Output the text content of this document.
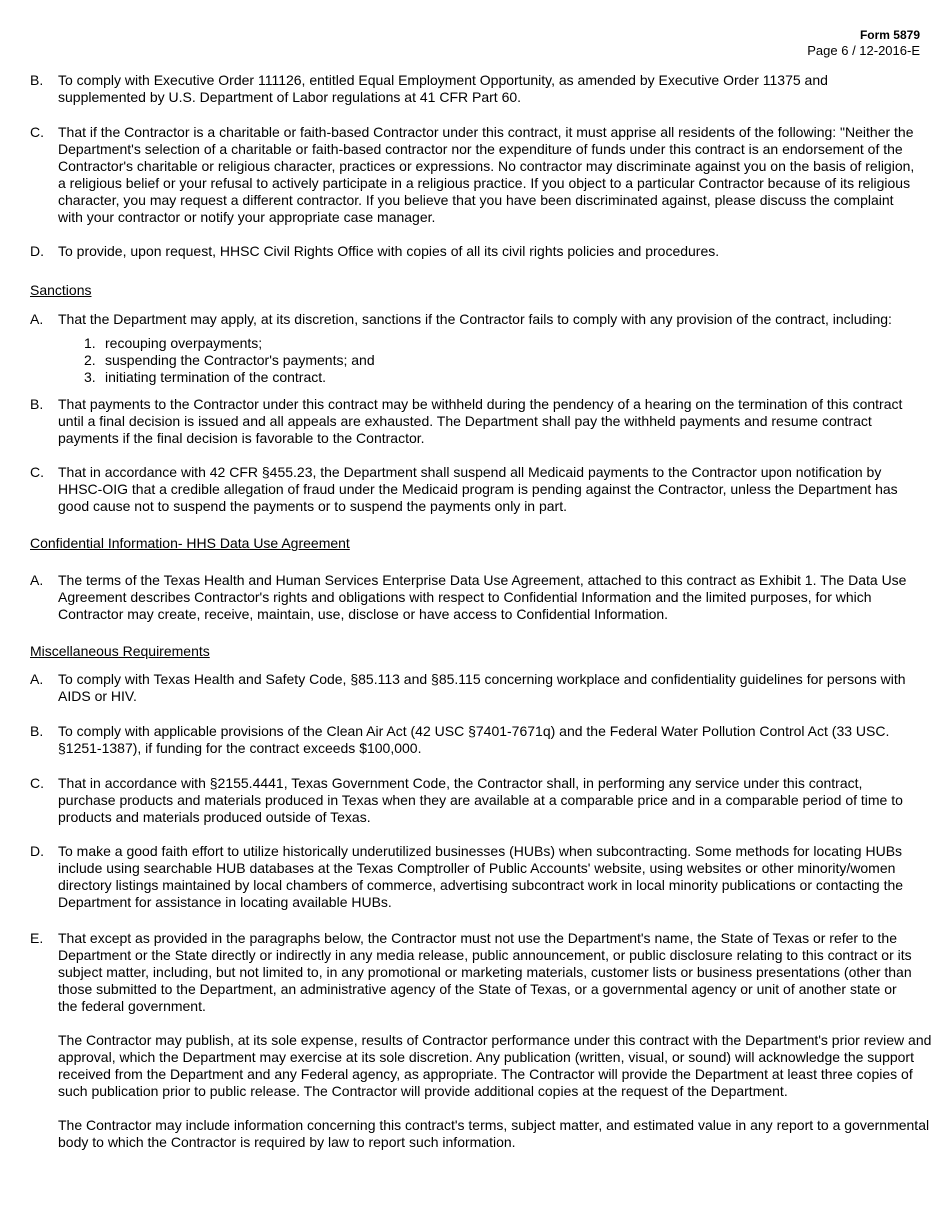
Form 5879
Page 6 / 12-2016-E
B.	To comply with Executive Order 111126, entitled Equal Employment Opportunity, as amended by Executive Order 11375 and supplemented by U.S. Department of Labor regulations at 41 CFR Part 60.
C.	That if the Contractor is a charitable or faith-based Contractor under this contract, it must apprise all residents of the following: "Neither the Department's selection of a charitable or faith-based contractor nor the expenditure of funds under this contract is an endorsement of the Contractor's charitable or religious character, practices or expressions. No contractor may discriminate against you on the basis of religion, a religious belief or your refusal to actively participate in a religious practice. If you object to a particular Contractor because of its religious character, you may request a different contractor. If you believe that you have been discriminated against, please discuss the complaint with your contractor or notify your appropriate case manager.
D.	To provide, upon request, HHSC Civil Rights Office with copies of all its civil rights policies and procedures.
Sanctions
A.	That the Department may apply, at its discretion, sanctions if the Contractor fails to comply with any provision of the contract, including:
1. recouping overpayments;
2. suspending the Contractor's payments; and
3. initiating termination of the contract.
B.	That payments to the Contractor under this contract may be withheld during the pendency of a hearing on the termination of this contract until a final decision is issued and all appeals are exhausted. The Department shall pay the withheld payments and resume contract payments if the final decision is favorable to the Contractor.
C.	That in accordance with 42 CFR §455.23, the Department shall suspend all Medicaid payments to the Contractor upon notification by HHSC-OIG that a credible allegation of fraud under the Medicaid program is pending against the Contractor, unless the Department has good cause not to suspend the payments or to suspend the payments only in part.
Confidential Information- HHS Data Use Agreement
A.	The terms of the Texas Health and Human Services Enterprise Data Use Agreement, attached to this contract as Exhibit 1. The Data Use Agreement describes Contractor's rights and obligations with respect to Confidential Information and the limited purposes, for which Contractor may create, receive, maintain, use, disclose or have access to Confidential Information.
Miscellaneous Requirements
A.	To comply with Texas Health and Safety Code, §85.113 and §85.115 concerning workplace and confidentiality guidelines for persons with AIDS or HIV.
B.	To comply with applicable provisions of the Clean Air Act (42 USC §7401-7671q) and the Federal Water Pollution Control Act (33 USC. §1251-1387), if funding for the contract exceeds $100,000.
C.	That in accordance with §2155.4441, Texas Government Code, the Contractor shall, in performing any service under this contract, purchase products and materials produced in Texas when they are available at a comparable price and in a comparable period of time to products and materials produced outside of Texas.
D.	To make a good faith effort to utilize historically underutilized businesses (HUBs) when subcontracting. Some methods for locating HUBs include using searchable HUB databases at the Texas Comptroller of Public Accounts' website, using websites or other minority/women directory listings maintained by local chambers of commerce, advertising subcontract work in local minority publications or contacting the Department for assistance in locating available HUBs.
E.	That except as provided in the paragraphs below, the Contractor must not use the Department's name, the State of Texas or refer to the Department or the State directly or indirectly in any media release, public announcement, or public disclosure relating to this contract or its subject matter, including, but not limited to, in any promotional or marketing materials, customer lists or business presentations (other than those submitted to the Department, an administrative agency of the State of Texas, or a governmental agency or unit of another state or the federal government.
The Contractor may publish, at its sole expense, results of Contractor performance under this contract with the Department's prior review and approval, which the Department may exercise at its sole discretion. Any publication (written, visual, or sound) will acknowledge the support received from the Department and any Federal agency, as appropriate. The Contractor will provide the Department at least three copies of such publication prior to public release. The Contractor will provide additional copies at the request of the Department.
The Contractor may include information concerning this contract's terms, subject matter, and estimated value in any report to a governmental body to which the Contractor is required by law to report such information.
